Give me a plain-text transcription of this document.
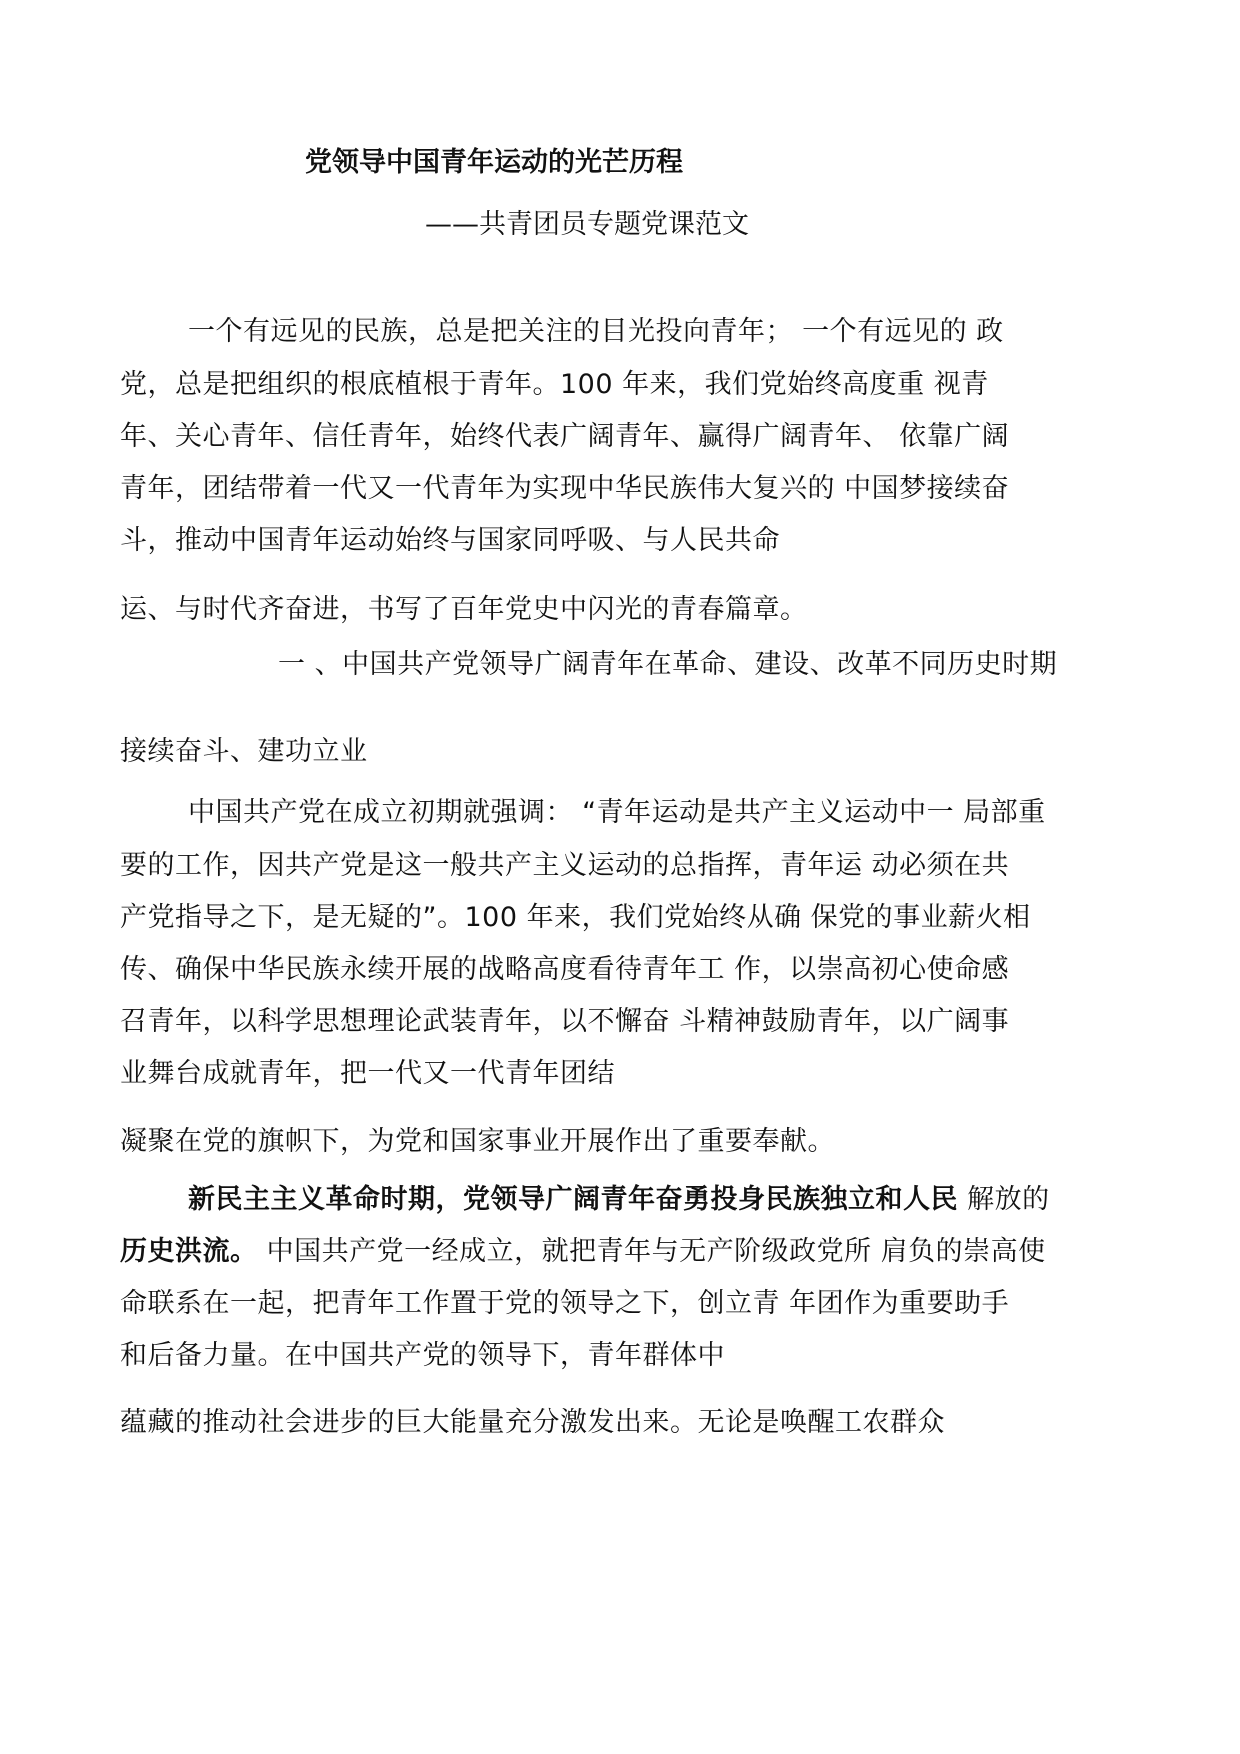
党领导中国青年运动的光芒历程
——共青团员专题党课范文
一个有远见的民族，总是把关注的目光投向青年； 一个有远见的 政
党，总是把组织的根底植根于青年。100 年来，我们党始终高度重 视青
年、关心青年、信任青年，始终代表广阔青年、赢得广阔青年、 依靠广阔
青年，团结带着一代又一代青年为实现中华民族伟大复兴的 中国梦接续奋
斗，推动中国青年运动始终与国家同呼吸、与人民共命
运、与时代齐奋进，书写了百年党史中闪光的青春篇章。
一 、中国共产党领导广阔青年在革命、建设、改革不同历史时期
接续奋斗、建功立业
中国共产党在成立初期就强调： “青年运动是共产主义运动中一 局部重
要的工作，因共产党是这一般共产主义运动的总指挥，青年运 动必须在共
产党指导之下，是无疑的”。100 年来，我们党始终从确 保党的事业薪火相
传、确保中华民族永续开展的战略高度看待青年工 作，以崇高初心使命感
召青年，以科学思想理论武装青年，以不懈奋 斗精神鼓励青年，以广阔事
业舞台成就青年，把一代又一代青年团结
凝聚在党的旗帜下，为党和国家事业开展作出了重要奉献。
新民主主义革命时期，党领导广阔青年奋勇投身民族独立和人民 解放的
历史洪流。 中国共产党一经成立，就把青年与无产阶级政党所 肩负的崇高使
命联系在一起，把青年工作置于党的领导之下，创立青 年团作为重要助手
和后备力量。在中国共产党的领导下，青年群体中
蕴藏的推动社会进步的巨大能量充分激发出来。无论是唤醒工农群众
